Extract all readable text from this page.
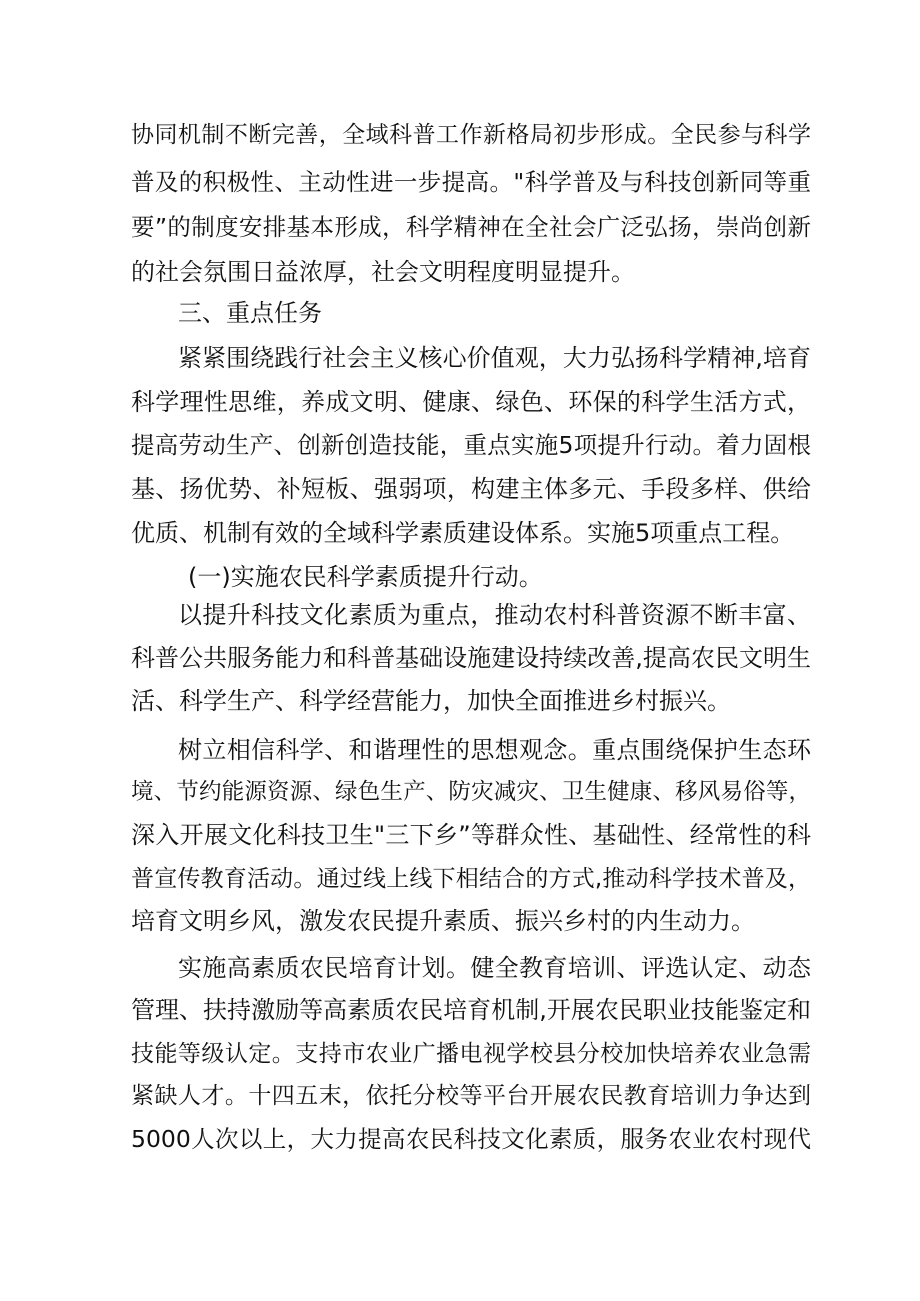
协同机制不断完善，全域科普工作新格局初步形成。全民参与科学
普及的积极性、主动性进一步提高。"科学普及与科技创新同等重
要”的制度安排基本形成，科学精神在全社会广泛弘扬，崇尚创新
的社会氛围日益浓厚，社会文明程度明显提升。
三、重点任务
紧紧围绕践行社会主义核心价值观，大力弘扬科学精神,培育
科学理性思维，养成文明、健康、绿色、环保的科学生活方式，
提高劳动生产、创新创造技能，重点实施5项提升行动。着力固根
基、扬优势、补短板、强弱项，构建主体多元、手段多样、供给
优质、机制有效的全域科学素质建设体系。实施5项重点工程。
(一)实施农民科学素质提升行动。
以提升科技文化素质为重点，推动农村科普资源不断丰富、
科普公共服务能力和科普基础设施建设持续改善,提高农民文明生
活、科学生产、科学经营能力，加快全面推进乡村振兴。
树立相信科学、和谐理性的思想观念。重点围绕保护生态环
境、节约能源资源、绿色生产、防灾减灾、卫生健康、移风易俗等，
深入开展文化科技卫生"三下乡”等群众性、基础性、经常性的科
普宣传教育活动。通过线上线下相结合的方式,推动科学技术普及，
培育文明乡风，激发农民提升素质、振兴乡村的内生动力。
实施高素质农民培育计划。健全教育培训、评选认定、动态
管理、扶持激励等高素质农民培育机制,开展农民职业技能鉴定和
技能等级认定。支持市农业广播电视学校县分校加快培养农业急需
紧缺人才。十四五末，依托分校等平台开展农民教育培训力争达到
5000人次以上，大力提高农民科技文化素质，服务农业农村现代
